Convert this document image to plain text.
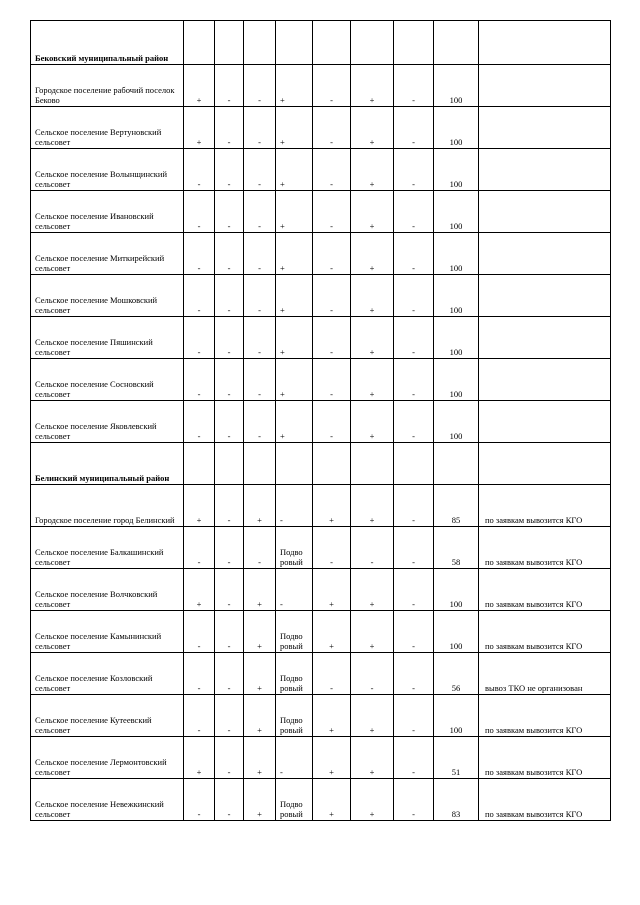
Бековский муниципальный район									
Городское поселение рабочий поселок Беково	+	-	-	+	-	+	-	100	
Сельское поселение Вертуновский сельсовет	+	-	-	+	-	+	-	100	
Сельское поселение Волынщинский сельсовет	-	-	-	+	-	+	-	100	
Сельское поселение Ивановский сельсовет	-	-	-	+	-	+	-	100	
Сельское поселение Миткирейский сельсовет	-	-	-	+	-	+	-	100	
Сельское поселение Мошковский сельсовет	-	-	-	+	-	+	-	100	
Сельское поселение Пяшинский сельсовет	-	-	-	+	-	+	-	100	
Сельское поселение Сосновский сельсовет	-	-	-	+	-	+	-	100	
Сельское поселение Яковлевский сельсовет	-	-	-	+	-	+	-	100	
Белинский муниципальный район									
Городское поселение город Белинский	+	-	+	-	+	+	-	85	по заявкам вывозится КГО
Сельское поселение Балкашинский сельсовет	-	-	-	Подво ровый	-	-	-	58	по заявкам вывозится КГО
Сельское поселение Волчковский сельсовет	+	-	+	-	+	+	-	100	по заявкам вывозится КГО
Сельское поселение Камынинский сельсовет	-	-	+	Подво ровый	+	+	-	100	по заявкам вывозится КГО
Сельское поселение Козловский сельсовет	-	-	+	Подво ровый	-	-	-	56	вывоз ТКО не организован
Сельское поселение Кутеевский сельсовет	-	-	+	Подво ровый	+	+	-	100	по заявкам вывозится КГО
Сельское поселение Лермонтовский сельсовет	+	-	+	-	+	+	-	51	по заявкам вывозится КГО
Сельское поселение Невежкинский сельсовет	-	-	+	Подво ровый	+	+	-	83	по заявкам вывозится КГО
